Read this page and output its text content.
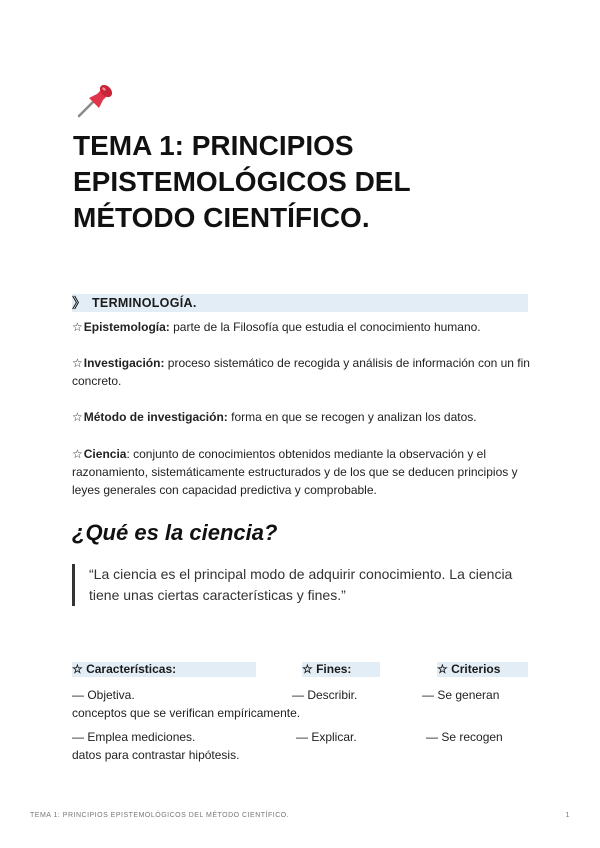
TEMA 1: PRINCIPIOS EPISTEMOLÓGICOS DEL MÉTODO CIENTÍFICO.
》 TERMINOLOGÍA.
☆Epistemología: parte de la Filosofía que estudia el conocimiento humano.
☆Investigación: proceso sistemático de recogida y análisis de información con un fin concreto.
☆Método de investigación: forma en que se recogen y analizan los datos.
☆Ciencia: conjunto de conocimientos obtenidos mediante la observación y el razonamiento, sistemáticamente estructurados y de los que se deducen principios y leyes generales con capacidad predictiva y comprobable.
¿Qué es la ciencia?
“La ciencia es el principal modo de adquirir conocimiento. La ciencia tiene unas ciertas características y fines.”
☆ Características:	☆ Fines:	☆ Criterios
— Objetiva.	— Describir.	— Se generan
conceptos que se verifican empíricamente.
— Emplea mediciones.	— Explicar.	— Se recogen
datos para contrastar hipótesis.
TEMA 1: PRINCIPIOS EPISTEMOLÓGICOS DEL MÉTODO CIENTÍFICO.	1
